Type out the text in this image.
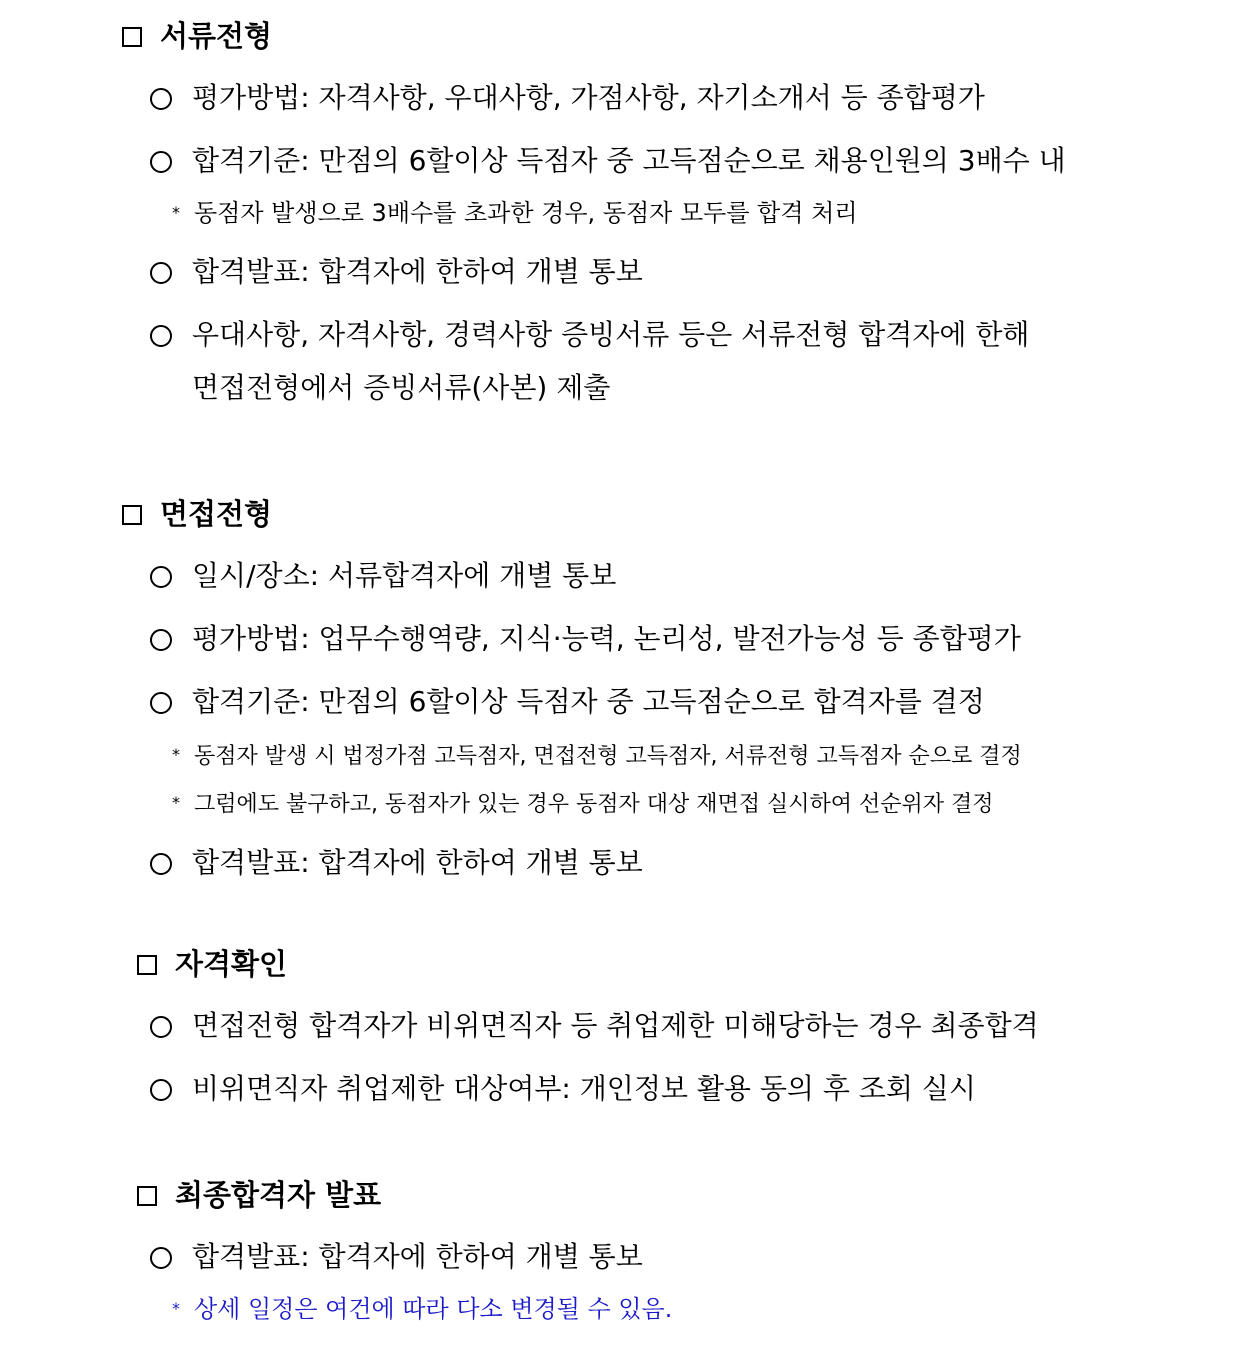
서류전형
평가방법: 자격사항, 우대사항, 가점사항, 자기소개서 등 종합평가
합격기준: 만점의 6할이상 득점자 중 고득점순으로 채용인원의 3배수 내
* 동점자 발생으로 3배수를 초과한 경우, 동점자 모두를 합격 처리
합격발표: 합격자에 한하여 개별 통보
우대사항, 자격사항, 경력사항 증빙서류 등은 서류전형 합격자에 한해
면접전형에서 증빙서류(사본) 제출
면접전형
일시/장소: 서류합격자에 개별 통보
평가방법: 업무수행역량, 지식·능력, 논리성, 발전가능성 등 종합평가
합격기준: 만점의 6할이상 득점자 중 고득점순으로 합격자를 결정
* 동점자 발생 시 법정가점 고득점자, 면접전형 고득점자, 서류전형 고득점자 순으로 결정
* 그럼에도 불구하고, 동점자가 있는 경우 동점자 대상 재면접 실시하여 선순위자 결정
합격발표: 합격자에 한하여 개별 통보
자격확인
면접전형 합격자가 비위면직자 등 취업제한 미해당하는 경우 최종합격
비위면직자 취업제한 대상여부: 개인정보 활용 동의 후 조회 실시
최종합격자 발표
합격발표: 합격자에 한하여 개별 통보
* 상세 일정은 여건에 따라 다소 변경될 수 있음.
